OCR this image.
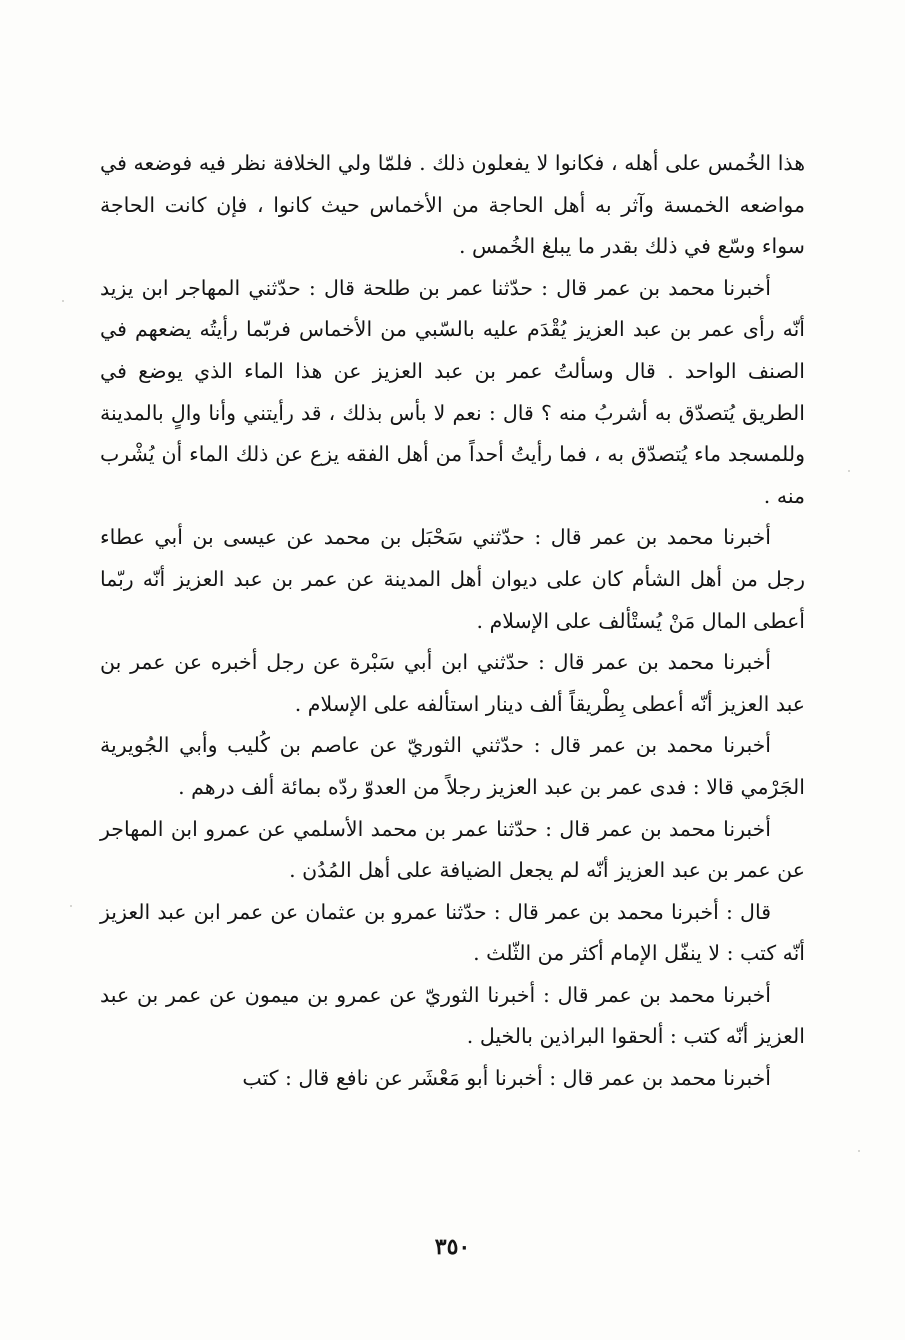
هذا الخُمس على أهله ، فكانوا لا يفعلون ذلك . فلمّا ولي الخلافة نظر فيه فوضعه في مواضعه الخمسة وآثر به أهل الحاجة من الأخماس حيث كانوا ، فإن كانت الحاجة سواء وسّع في ذلك بقدر ما يبلغ الخُمس .

أخبرنا محمد بن عمر قال : حدّثنا عمر بن طلحة قال : حدّثني المهاجر ابن يزيد أنّه رأى عمر بن عبد العزيز يُقْدَم عليه بالسّبي من الأخماس فربّما رأيتُه يضعهم في الصنف الواحد . قال وسألتُ عمر بن عبد العزيز عن هذا الماء الذي يوضع في الطريق يُتصدّق به أشربُ منه ؟ قال : نعم لا بأس بذلك ، قد رأيتني وأنا والٍ بالمدينة وللمسجد ماء يُتصدّق به ، فما رأيتُ أحداً من أهل الفقه يزع عن ذلك الماء أن يُشْرب منه .

أخبرنا محمد بن عمر قال : حدّثني سَحْبَل بن محمد عن عيسى بن أبي عطاء رجل من أهل الشأم كان على ديوان أهل المدينة عن عمر بن عبد العزيز أنّه ربّما أعطى المال مَنْ يُستْألف على الإسلام .

أخبرنا محمد بن عمر قال : حدّثني ابن أبي سَبْرة عن رجل أخبره عن عمر بن عبد العزيز أنّه أعطى بِطْريقاً ألف دينار استألفه على الإسلام .

أخبرنا محمد بن عمر قال : حدّثني الثوريّ عن عاصم بن كُليب وأبي الجُويرية الجَرْمي قالا : فدى عمر بن عبد العزيز رجلاً من العدوّ ردّه بمائة ألف درهم .

أخبرنا محمد بن عمر قال : حدّثنا عمر بن محمد الأسلمي عن عمرو ابن المهاجر عن عمر بن عبد العزيز أنّه لم يجعل الضيافة على أهل المُدُن .

قال : أخبرنا محمد بن عمر قال : حدّثنا عمرو بن عثمان عن عمر ابن عبد العزيز أنّه كتب : لا ينفّل الإمام أكثر من الثّلث .

أخبرنا محمد بن عمر قال : أخبرنا الثوريّ عن عمرو بن ميمون عن عمر بن عبد العزيز أنّه كتب : ألحقوا البراذين بالخيل .

أخبرنا محمد بن عمر قال : أخبرنا أبو مَعْشَر عن نافع قال : كتب

٣٥٠
